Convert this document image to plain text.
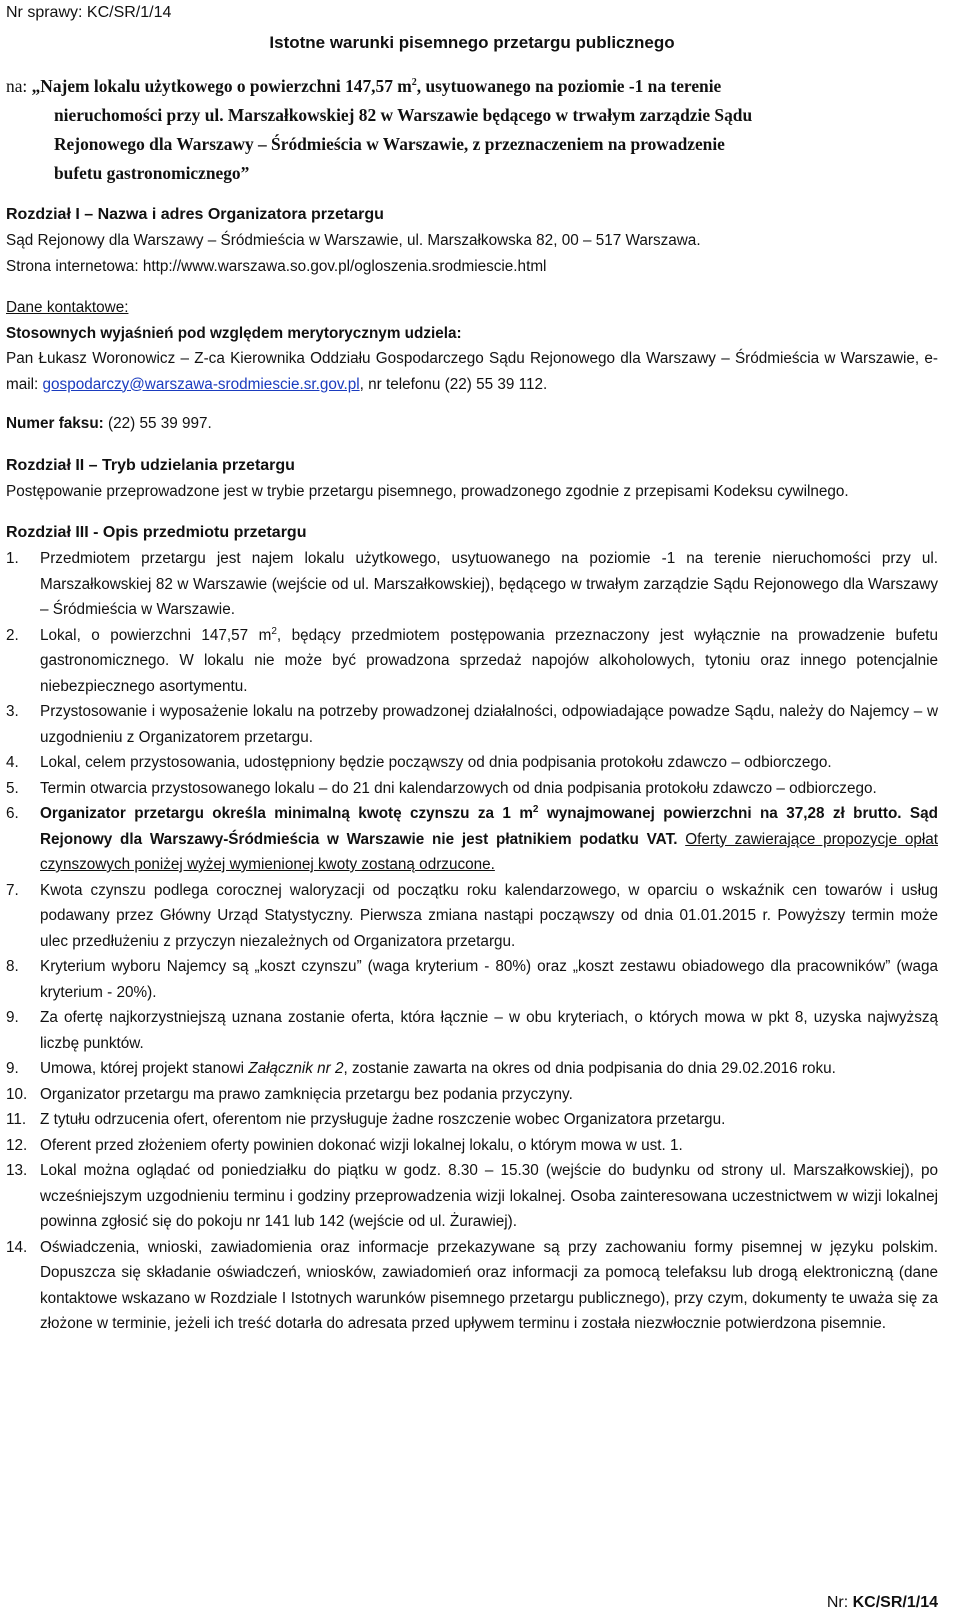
Nr sprawy: KC/SR/1/14
Istotne warunki pisemnego przetargu publicznego
na: „Najem lokalu użytkowego o powierzchni 147,57 $m^2$, usytuowanego na poziomie -1 na terenie
nieruchomości przy ul. Marszałkowskiej 82 w Warszawie będącego w trwałym zarządzie Sądu
Rejonowego dla Warszawy – Śródmieścia w Warszawie, z przeznaczeniem na prowadzenie
bufetu gastronomicznego”
Rozdział I – Nazwa i adres Organizatora przetargu

Sąd Rejonowy dla Warszawy – Śródmieścia w Warszawie, ul. Marszałkowska 82, 00 – 517 Warszawa.

Strona internetowa: http://www.warszawa.so.gov.pl/ogloszenia.srodmiescie.html

Dane kontaktowe:

Stosownych wyjaśnień pod względem merytorycznym udziela:

Pan Łukasz Woronowicz – Z-ca Kierownika Oddziału Gospodarczego Sądu Rejonowego dla Warszawy – Śródmieścia w Warszawie, e-mail: gospodarczy@warszawa-srodmiescie.sr.gov.pl, nr telefonu (22) 55 39 112.

Numer faksu: (22) 55 39 997.

Rozdział II – Tryb udzielania przetargu

Postępowanie przeprowadzone jest w trybie przetargu pisemnego, prowadzonego zgodnie z przepisami Kodeksu cywilnego.

Rozdział III - Opis przedmiotu przetargu
1.	Przedmiotem przetargu jest najem lokalu użytkowego, usytuowanego na poziomie -1 na terenie nieruchomości przy ul. Marszałkowskiej 82 w Warszawie (wejście od ul. Marszałkowskiej), będącego w trwałym zarządzie Sądu Rejonowego dla Warszawy – Śródmieścia w Warszawie.
2.	Lokal, o powierzchni 147,57 $m^2$, będący przedmiotem postępowania przeznaczony jest wyłącznie na prowadzenie bufetu gastronomicznego. W lokalu nie może być prowadzona sprzedaż napojów alkoholowych, tytoniu oraz innego potencjalnie niebezpiecznego asortymentu.
3.	Przystosowanie i wyposażenie lokalu na potrzeby prowadzonej działalności, odpowiadające powadze Sądu, należy do Najemcy – w uzgodnieniu z Organizatorem przetargu.
4.	Lokal, celem przystosowania, udostępniony będzie począwszy od dnia podpisania protokołu zdawczo – odbiorczego.
5.	Termin otwarcia przystosowanego lokalu – do 21 dni kalendarzowych od dnia podpisania protokołu zdawczo – odbiorczego.
6.	Organizator przetargu określa minimalną kwotę czynszu za 1 $m^2$ wynajmowanej powierzchni na 37,28 zł brutto. Sąd Rejonowy dla Warszawy-Śródmieścia w Warszawie nie jest płatnikiem podatku VAT. Oferty zawierające propozycje opłat czynszowych poniżej wyżej wymienionej kwoty zostaną odrzucone.
7.	Kwota czynszu podlega corocznej waloryzacji od początku roku kalendarzowego, w oparciu o wskaźnik cen towarów i usług podawany przez Główny Urząd Statystyczny. Pierwsza zmiana nastąpi począwszy od dnia 01.01.2015 r. Powyższy termin może ulec przedłużeniu z przyczyn niezależnych od Organizatora przetargu.
8.	Kryterium wyboru Najemcy są „koszt czynszu” (waga kryterium - 80%) oraz „koszt zestawu obiadowego dla pracowników” (waga kryterium - 20%).
9.	Za ofertę najkorzystniejszą uznana zostanie oferta, która łącznie – w obu kryteriach, o których mowa w pkt 8, uzyska najwyższą liczbę punktów.
9.	Umowa, której projekt stanowi Załącznik nr 2, zostanie zawarta na okres od dnia podpisania do dnia 29.02.2016 roku.
10. Organizator przetargu ma prawo zamknięcia przetargu bez podania przyczyny.
11. Z tytułu odrzucenia ofert, oferentom nie przysługuje żadne roszczenie wobec Organizatora przetargu.
12. Oferent przed złożeniem oferty powinien dokonać wizji lokalnej lokalu, o którym mowa w ust. 1.
13. Lokal można oglądać od poniedziałku do piątku w godz. 8.30 – 15.30 (wejście do budynku od strony ul. Marszałkowskiej), po wcześniejszym uzgodnieniu terminu i godziny przeprowadzenia wizji lokalnej. Osoba zainteresowana uczestnictwem w wizji lokalnej powinna zgłosić się do pokoju nr 141 lub 142 (wejście od ul. Żurawiej).
14. Oświadczenia, wnioski, zawiadomienia oraz informacje przekazywane są przy zachowaniu formy pisemnej w języku polskim. Dopuszcza się składanie oświadczeń, wniosków, zawiadomień oraz informacji za pomocą telefaksu lub drogą elektroniczną (dane kontaktowe wskazano w Rozdziale I Istotnych warunków pisemnego przetargu publicznego), przy czym, dokumenty te uważa się za złożone w terminie, jeżeli ich treść dotarła do adresata przed upływem terminu i została niezwłocznie potwierdzona pisemnie.
Nr: KC/SR/1/14
